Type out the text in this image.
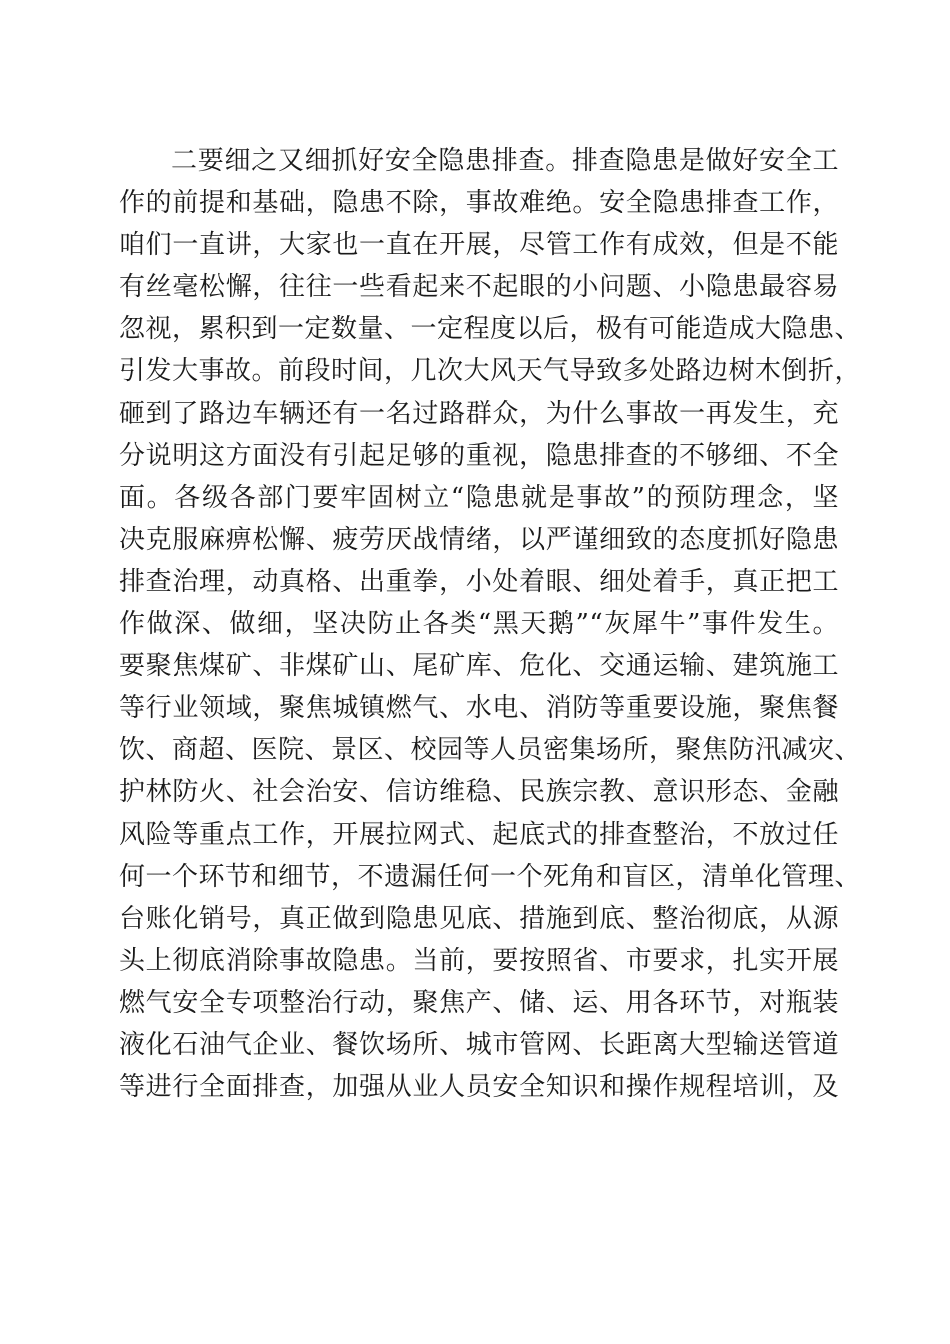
二要细之又细抓好安全隐患排查。排查隐患是做好安全工
作的前提和基础，隐患不除，事故难绝。安全隐患排查工作，
咱们一直讲，大家也一直在开展，尽管工作有成效，但是不能
有丝毫松懈，往往一些看起来不起眼的小问题、小隐患最容易
忽视，累积到一定数量、一定程度以后，极有可能造成大隐患、
引发大事故。前段时间，几次大风天气导致多处路边树木倒折，
砸到了路边车辆还有一名过路群众，为什么事故一再发生，充
分说明这方面没有引起足够的重视，隐患排查的不够细、不全
面。各级各部门要牢固树立“隐患就是事故”的预防理念，坚
决克服麻痹松懈、疲劳厌战情绪，以严谨细致的态度抓好隐患
排查治理，动真格、出重拳，小处着眼、细处着手，真正把工
作做深、做细，坚决防止各类“黑天鹅”“灰犀牛”事件发生。
要聚焦煤矿、非煤矿山、尾矿库、危化、交通运输、建筑施工
等行业领域，聚焦城镇燃气、水电、消防等重要设施，聚焦餐
饮、商超、医院、景区、校园等人员密集场所，聚焦防汛减灾、
护林防火、社会治安、信访维稳、民族宗教、意识形态、金融
风险等重点工作，开展拉网式、起底式的排查整治，不放过任
何一个环节和细节，不遗漏任何一个死角和盲区，清单化管理、
台账化销号，真正做到隐患见底、措施到底、整治彻底，从源
头上彻底消除事故隐患。当前，要按照省、市要求，扎实开展
燃气安全专项整治行动，聚焦产、储、运、用各环节，对瓶装
液化石油气企业、餐饮场所、城市管网、长距离大型输送管道
等进行全面排查，加强从业人员安全知识和操作规程培训，及
